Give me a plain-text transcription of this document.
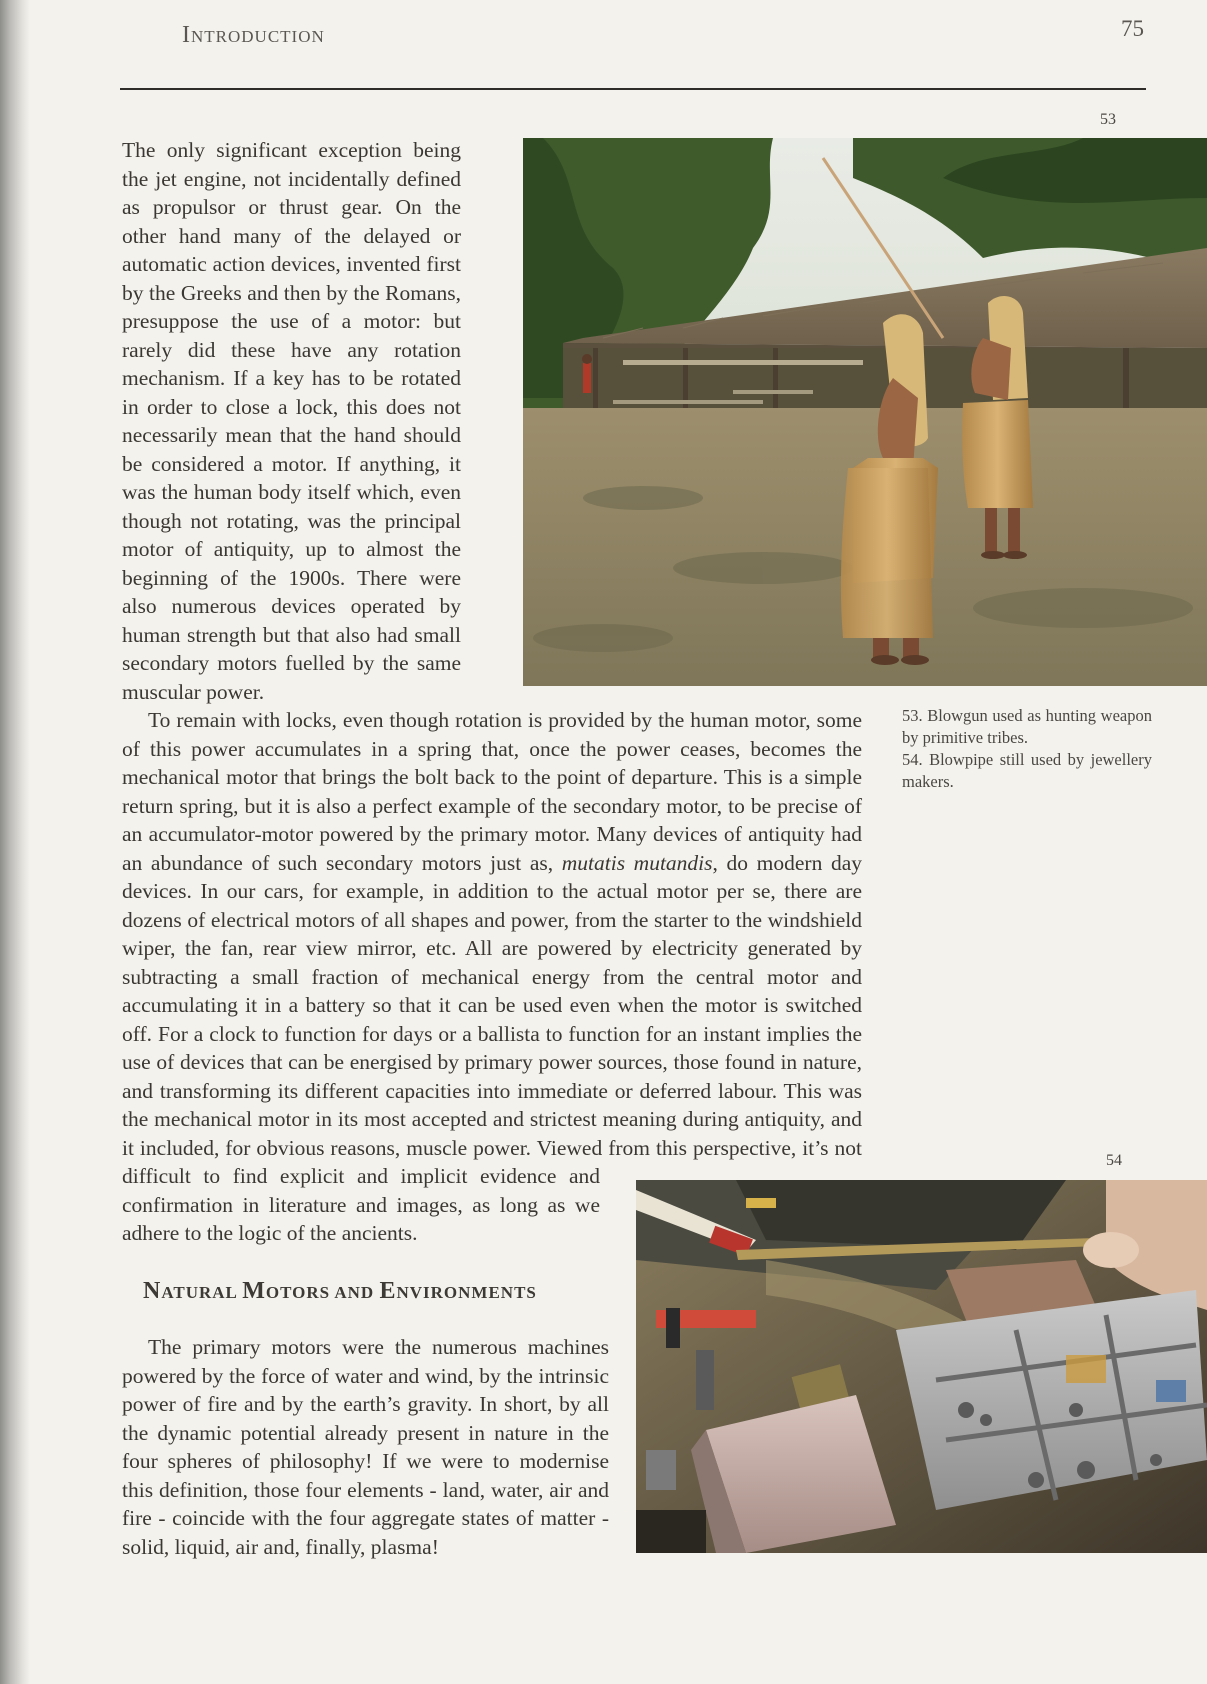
INTRODUCTION	75
53

The only significant exception being the jet engine, not incidentally defined as propulsor or thrust gear. On the other hand many of the delayed or automatic action devices, invented first by the Greeks and then by the Romans, presuppose the use of a motor: but rarely did these have any rotation mechanism. If a key has to be rotated in order to close a lock, this does not necessarily mean that the hand should be considered a motor. If anything, it was the human body itself which, even though not rotating, was the principal motor of antiquity, up to almost the beginning of the 1900s. There were also numerous devices operated by human strength but that also had small secondary motors fuelled by the same muscular power.

To remain with locks, even though rotation is provided by the human motor, some of this power accumulates in a spring that, once the power ceases, becomes the mechanical motor that brings the bolt back to the point of departure. This is a simple return spring, but it is also a perfect example of the secondary motor, to be precise of an accumulator-motor powered by the primary motor. Many devices of antiquity had an abundance of such secondary motors just as, mutatis mutandis, do modern day devices. In our cars, for example, in addition to the actual motor per se, there are dozens of electrical motors of all shapes and power, from the starter to the windshield wiper, the fan, rear view mirror, etc. All are powered by electricity generated by subtracting a small fraction of mechanical energy from the central motor and accumulating it in a battery so that it can be used even when the motor is switched off. For a clock to function for days or a ballista to function for an instant implies the use of devices that can be energised by primary power sources, those found in nature, and transforming its different capacities into immediate or deferred labour. This was the mechanical motor in its most accepted and strictest meaning during antiquity, and it included, for obvious reasons, muscle power. Viewed from this perspective, it’s not difficult to find explicit and implicit evidence and confirmation in literature and images, as long as we adhere to the logic of the ancients.

53. Blowgun used as hunting weapon by primitive tribes.

54. Blowpipe still used by jewellery makers.

54
NATURAL MOTORS AND ENVIRONMENTS

The primary motors were the numerous machines powered by the force of water and wind, by the intrinsic power of fire and by the earth’s gravity. In short, by all the dynamic potential already present in nature in the four spheres of philosophy! If we were to modernise this definition, those four elements - land, water, air and fire - coincide with the four aggregate states of matter - solid, liquid, air and, finally, plasma!
